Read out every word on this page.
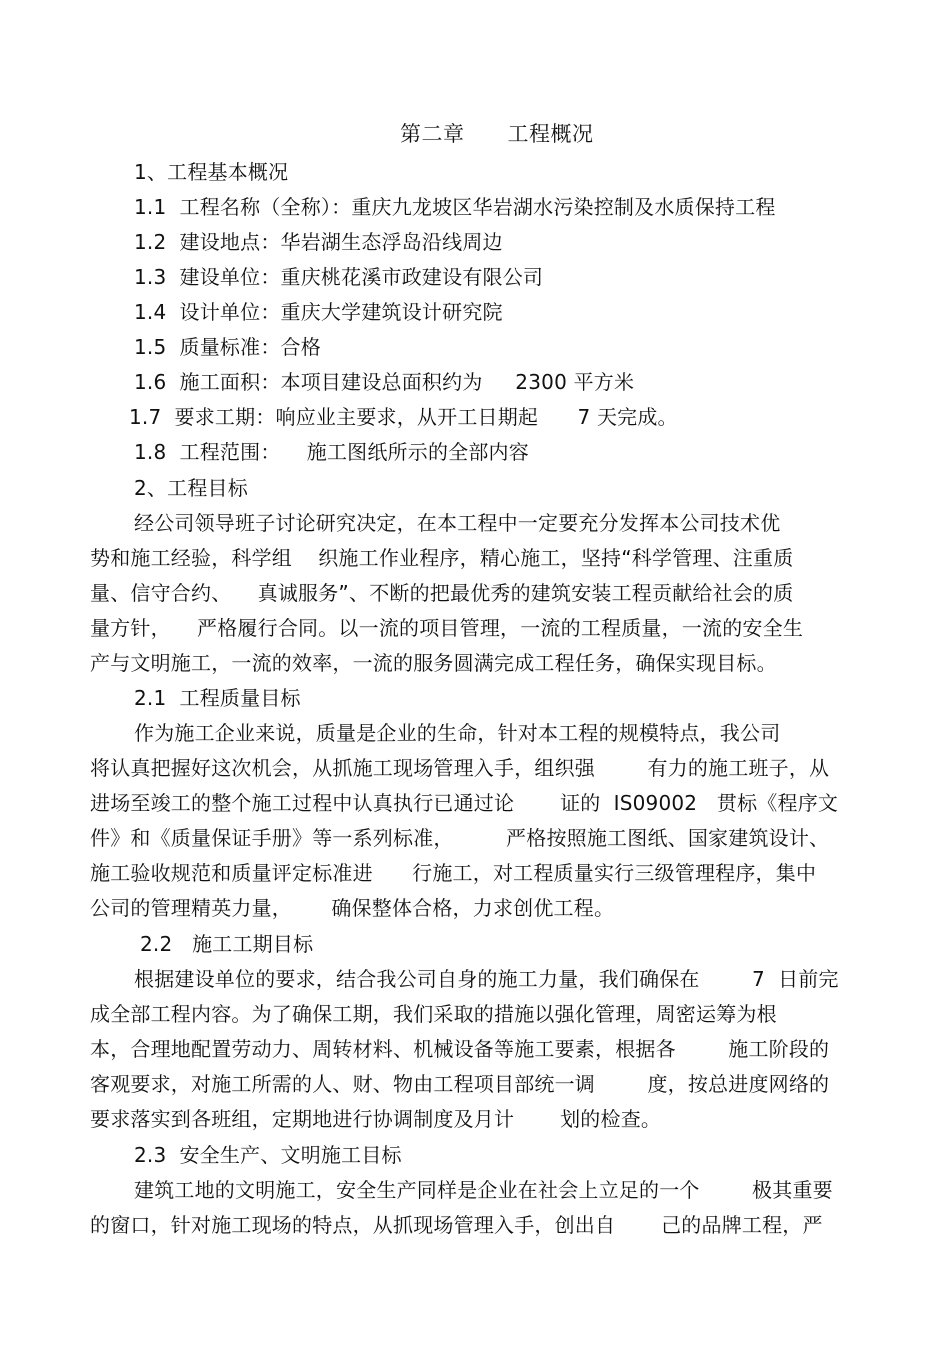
第二章      工程概况
1、工程基本概况
1.1  工程名称（全称）：重庆九龙坡区华岩湖水污染控制及水质保持工程
1.2  建设地点：华岩湖生态浮岛沿线周边
1.3  建设单位：重庆桃花溪市政建设有限公司
1.4  设计单位：重庆大学建筑设计研究院
1.5  质量标准：合格
1.6  施工面积：本项目建设总面积约为     2300 平方米
1.7  要求工期：响应业主要求，从开工日期起      7 天完成。
1.8  工程范围：    施工图纸所示的全部内容
2、工程目标
经公司领导班子讨论研究决定，在本工程中一定要充分发挥本公司技术优
势和施工经验，科学组    织施工作业程序，精心施工，坚持“科学管理、注重质
量、信守合约、    真诚服务”、不断的把最优秀的建筑安装工程贡献给社会的质
量方针，    严格履行合同。以一流的项目管理，一流的工程质量，一流的安全生
产与文明施工，一流的效率，一流的服务圆满完成工程任务，确保实现目标。
2.1  工程质量目标
作为施工企业来说，质量是企业的生命，针对本工程的规模特点，我公司
将认真把握好这次机会，从抓施工现场管理入手，组织强        有力的施工班子，从
进场至竣工的整个施工过程中认真执行已通过论       证的  IS09002   贯标《程序文
件》和《质量保证手册》等一系列标准，        严格按照施工图纸、国家建筑设计、
施工验收规范和质量评定标准进      行施工，对工程质量实行三级管理程序，集中
公司的管理精英力量，      确保整体合格，力求创优工程。
2.2   施工工期目标
根据建设单位的要求，结合我公司自身的施工力量，我们确保在        7  日前完
成全部工程内容。为了确保工期，我们采取的措施以强化管理，周密运筹为根
本，合理地配置劳动力、周转材料、机械设备等施工要素，根据各        施工阶段的
客观要求，对施工所需的人、财、物由工程项目部统一调        度，按总进度网络的
要求落实到各班组，定期地进行协调制度及月计       划的检查。
2.3  安全生产、文明施工目标
建筑工地的文明施工，安全生产同样是企业在社会上立足的一个        极其重要
的窗口，针对施工现场的特点，从抓现场管理入手，创出自       己的品牌工程，严
